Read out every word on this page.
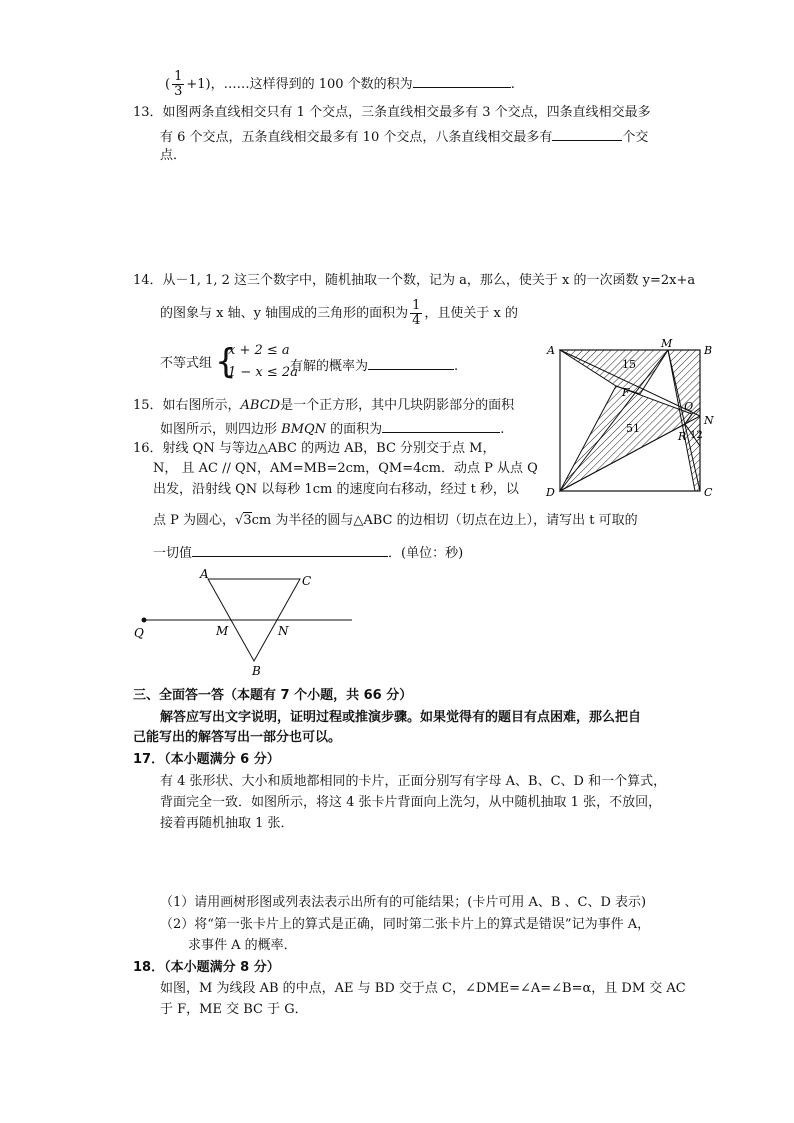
( $\frac{1}{3} +1$)，……这样得到的 100 个数的积为	.
13．如图两条直线相交只有 1 个交点，三条直线相交最多有 3 个交点，四条直线相交最多
有 6 个交点，五条直线相交最多有 10 个交点，八条直线相交最多有	个交
点．
14．从－1, 1, 2 这三个数字中，随机抽取一个数，记为 a，那么，使关于 x 的一次函数 y=2x+a
的图象与 x 轴、y 轴围成的三角形的面积为 $\frac{1}{4}$ ，且使关于 x 的
不等式组 {
x + 2 ≤ a
1 − x ≤ 2a
有解的概率为	.
15．如右图所示，ABCD是一个正方形，其中几块阴影部分的面积
如图所示，则四边形 BMQN 的面积为	.
16．射线 QN 与等边△ABC 的两边 AB，BC 分别交于点 M，
N， 且 AC // QN，AM=MB=2cm，QM=4cm．动点 P 从点 Q
出发，沿射线 QN 以每秒 1cm 的速度向右移动，经过 t 秒，以
点 P 为圆心，√3cm 为半径的圆与△ABC 的边相切（切点在边上），请写出 t 可取的
一切值	．(单位：秒)
A
M
B
F
Q
N
R
D	C
15
51
12
A	C
Q	M	N
B
三、全面答一答（本题有 7 个小题，共 66 分）
解答应写出文字说明，证明过程或推演步骤。如果觉得有的题目有点困难，那么把自
己能写出的解答写出一部分也可以。
17．（本小题满分 6 分）
有 4 张形状、大小和质地都相同的卡片，正面分别写有字母 A、B、C、D 和一个算式，
背面完全一致．如图所示，将这 4 张卡片背面向上洗匀，从中随机抽取 1 张，不放回，
接着再随机抽取 1 张．
（1）请用画树形图或列表法表示出所有的可能结果；(卡片可用 A、B 、C、D 表示)
（2）将“第一张卡片上的算式是正确，同时第二张卡片上的算式是错误”记为事件 A，
求事件 A 的概率．
18．（本小题满分 8 分）
如图，M 为线段 AB 的中点，AE 与 BD 交于点 C，∠DME=∠A=∠B=α，且 DM 交 AC
于 F，ME 交 BC 于 G．
